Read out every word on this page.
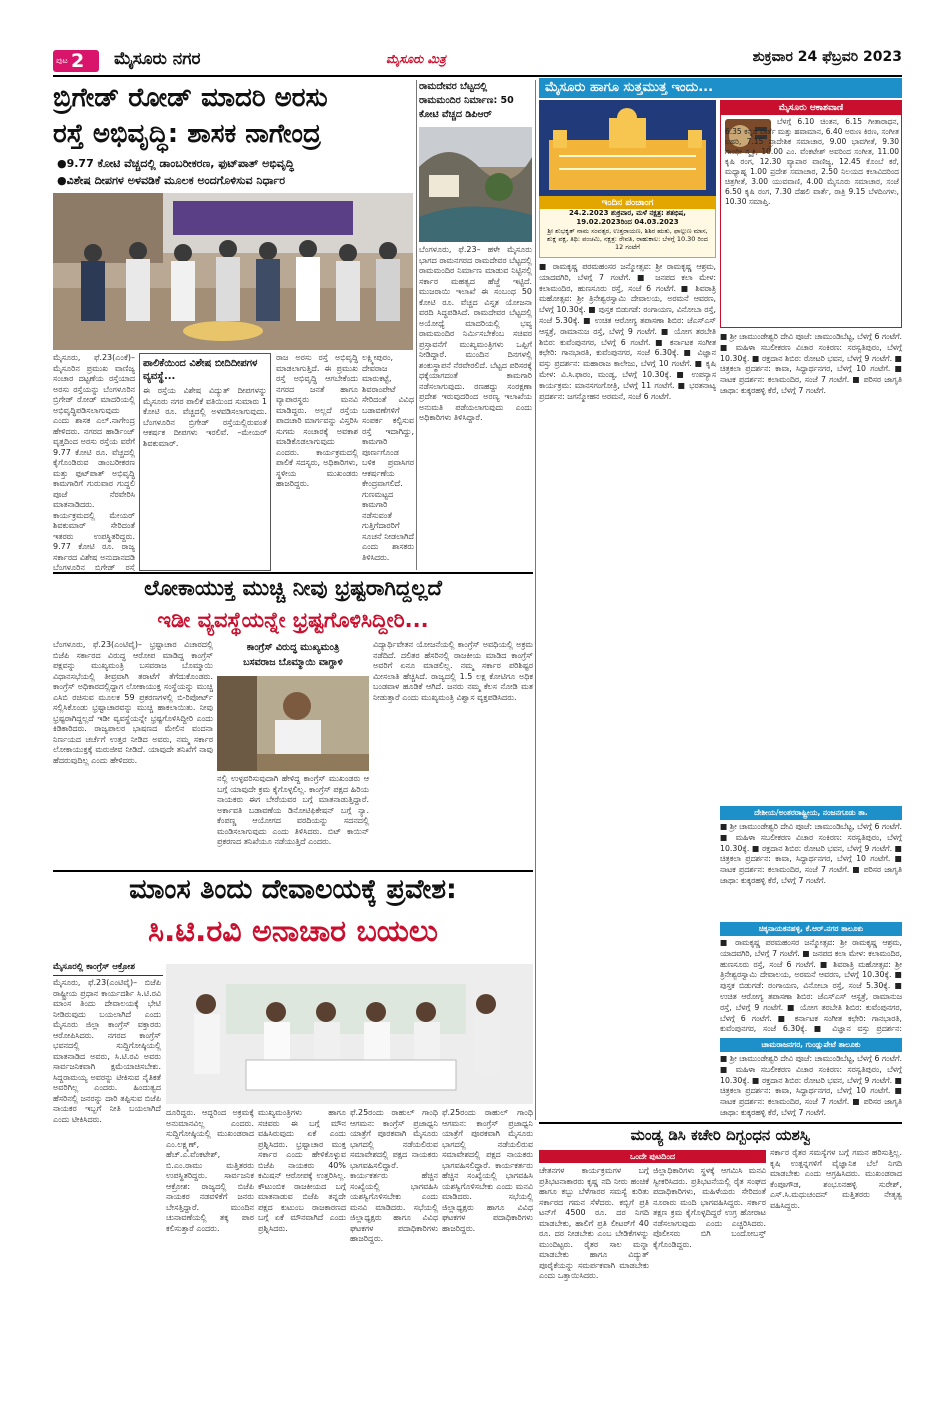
ಪುಟ 2 ಮೈಸೂರು ನಗರ	ಮೈಸೂರು ಮಿತ್ರ	ಶುಕ್ರವಾರ 24 ಫೆಬ್ರವರಿ 2023
ಬ್ರಿಗೇಡ್ ರೋಡ್ ಮಾದರಿ ಅರಸು
ರಸ್ತೆ ಅಭಿವೃದ್ಧಿ: ಶಾಸಕ ನಾಗೇಂದ್ರ
●9.77 ಕೋಟಿ ವೆಚ್ಚದಲ್ಲಿ ಡಾಂಬರೀಕರಣ, ಫುಟ್‌ಪಾತ್ ಅಭಿವೃದ್ಧಿ
●ವಿಶೇಷ ದೀಪಗಳ ಅಳವಡಿಕೆ ಮೂಲಕ ಅಂದಗೊಳಿಸುವ ನಿರ್ಧಾರ
ಮೈಸೂರು, ಫೆ.23(ಎಂಕೆ)– ಮೈಸೂರಿನ ಪ್ರಮುಖ ವಾಣಿಜ್ಯ ಸಂಚಾರ ದಟ್ಟಣೆಯ ರಸ್ತೆಯಾದ ಅರಸು ರಸ್ತೆಯನ್ನು ಬೆಂಗಳೂರಿನ ಬ್ರಿಗೇಡ್ ರೋಡ್ ಮಾದರಿಯಲ್ಲಿ ಅಭಿವೃದ್ಧಿಪಡಿಸಲಾಗುವುದು ಎಂದು ಶಾಸಕ ಎಲ್.ನಾಗೇಂದ್ರ ಹೇಳಿದರು. ನಗರದ ಹಾರ್ಡಿಂಜ್ ವೃತ್ತದಿಂದ ಅರಸು ರಸ್ತೆಯ ವರೆಗೆ 9.77 ಕೋಟಿ ರೂ. ವೆಚ್ಚದಲ್ಲಿ ಕೈಗೊಂಡಿರುವ ಡಾಂಬರೀಕರಣ ಮತ್ತು ಫುಟ್‌ಪಾತ್ ಅಭಿವೃದ್ಧಿ ಕಾಮಗಾರಿಗೆ ಗುರುವಾರ ಗುದ್ದಲಿ ಪೂಜೆ ನೆರವೇರಿಸಿ ಮಾತನಾಡಿದರು. ಕಾರ್ಯಕ್ರಮದಲ್ಲಿ ಮೇಯರ್ ಶಿವಕುಮಾರ್ ಸೇರಿದಂತೆ ಇತರರು ಉಪಸ್ಥಿತರಿದ್ದರು. 9.77 ಕೋಟಿ ರೂ. ರಾಜ್ಯ ಸರ್ಕಾರದ ವಿಶೇಷ ಅನುದಾನದಡಿ ಬೆಂಗಳೂರಿನ ಬ್ರಿಗೇಡ್ ರಸ್ತೆ
ಪಾಲಿಕೆಯಿಂದ ವಿಶೇಷ ಬೀದಿದೀಪಗಳ ವ್ಯವಸ್ಥೆ...
ಈ ರಸ್ತೆಯ ವಿಶೇಷ ವಿದ್ಯುತ್ ದೀಪಗಳನ್ನು ಮೈಸೂರು ನಗರ ಪಾಲಿಕೆ ವತಿಯಿಂದ ಸುಮಾರು 1 ಕೋಟಿ ರೂ. ವೆಚ್ಚದಲ್ಲಿ ಅಳವಡಿಸಲಾಗುವುದು. ಬೆಂಗಳೂರಿನ ಬ್ರಿಗೇಡ್ ರಸ್ತೆಯಲ್ಲಿರುವಂತೆ ಆಕರ್ಷಕ ದೀಪಗಳು ಇರಲಿವೆ. –ಮೇಯರ್ ಶಿವಕುಮಾರ್.
ರಾಜ ಅರಸು ರಸ್ತೆ ಅಭಿವೃದ್ಧಿ ಮಾಡಲಾಗುತ್ತಿದೆ. ಈ ಪ್ರಮುಖ ರಸ್ತೆ ಅಭಿವೃದ್ಧಿ ಆಗಬೇಕೆಂದು ನಗರದ ಜನತೆ ಹಾಗೂ ವ್ಯಾಪಾರಸ್ಥರು ಮನವಿ ಮಾಡಿದ್ದರು. ಅಲ್ಲದೆ ರಸ್ತೆಯ ಪಾದಚಾರಿ ಮಾರ್ಗವನ್ನು ವಿಸ್ತರಿಸಿ ಸುಗಮ ಸಂಚಾರಕ್ಕೆ ಅವಕಾಶ ಮಾಡಿಕೊಡಲಾಗುವುದು ಎಂದರು. ಕಾರ್ಯಕ್ರಮದಲ್ಲಿ ಪಾಲಿಕೆ ಸದಸ್ಯರು, ಅಧಿಕಾರಿಗಳು, ಸ್ಥಳೀಯ ಮುಖಂಡರು ಹಾಜರಿದ್ದರು.
ಲಕ್ಷ್ಮೀಪುರಂ, ದೇವರಾಜ ಮಾರುಕಟ್ಟೆ, ಶಿವರಾಂಪೇಟೆ ಸೇರಿದಂತೆ ವಿವಿಧ ಬಡಾವಣೆಗಳಿಗೆ ಸಂಪರ್ಕ ಕಲ್ಪಿಸುವ ರಸ್ತೆ ಇದಾಗಿದ್ದು, ಕಾಮಗಾರಿ ಪೂರ್ಣಗೊಂಡ ಬಳಿಕ ಪ್ರವಾಸಿಗರ ಆಕರ್ಷಣೆಯ ಕೇಂದ್ರವಾಗಲಿದೆ. ಗುಣಮಟ್ಟದ ಕಾಮಗಾರಿ ನಡೆಸುವಂತೆ ಗುತ್ತಿಗೆದಾರರಿಗೆ ಸೂಚನೆ ನೀಡಲಾಗಿದೆ ಎಂದು ಶಾಸಕರು ತಿಳಿಸಿದರು.
ರಾಮದೇವರ ಬೆಟ್ಟದಲ್ಲಿ ರಾಮಮಂದಿರ ನಿರ್ಮಾಣ: 50 ಕೋಟಿ ವೆಚ್ಚದ ಡಿಪಿಆರ್
ಬೆಂಗಳೂರು, ಫೆ.23– ಹಳೇ ಮೈಸೂರು ಭಾಗದ ರಾಮನಗರದ ರಾಮದೇವರ ಬೆಟ್ಟದಲ್ಲಿ ರಾಮಮಂದಿರ ನಿರ್ಮಾಣ ಮಾಡುವ ನಿಟ್ಟಿನಲ್ಲಿ ಸರ್ಕಾರ ಮಹತ್ವದ ಹೆಜ್ಜೆ ಇಟ್ಟಿದೆ. ಮುಜರಾಯಿ ಇಲಾಖೆ ಈ ಸಂಬಂಧ 50 ಕೋಟಿ ರೂ. ವೆಚ್ಚದ ವಿಸ್ತೃತ ಯೋಜನಾ ವರದಿ ಸಿದ್ಧಪಡಿಸಿದೆ. ರಾಮದೇವರ ಬೆಟ್ಟದಲ್ಲಿ ಅಯೋಧ್ಯೆ ಮಾದರಿಯಲ್ಲಿ ಭವ್ಯ ರಾಮಮಂದಿರ ನಿರ್ಮಿಸಬೇಕೆಂಬ ಸಚಿವರ ಪ್ರಸ್ತಾವನೆಗೆ ಮುಖ್ಯಮಂತ್ರಿಗಳು ಒಪ್ಪಿಗೆ ನೀಡಿದ್ದಾರೆ. ಮುಂದಿನ ದಿನಗಳಲ್ಲಿ ಶಂಕುಸ್ಥಾಪನೆ ನೆರವೇರಲಿದೆ. ಬೆಟ್ಟದ ಪರಿಸರಕ್ಕೆ ಧಕ್ಕೆಯಾಗದಂತೆ ಕಾಮಗಾರಿ ನಡೆಸಲಾಗುವುದು. ರಣಹದ್ದು ಸಂರಕ್ಷಣಾ ಪ್ರದೇಶ ಇರುವುದರಿಂದ ಅರಣ್ಯ ಇಲಾಖೆಯ ಅನುಮತಿ ಪಡೆಯಲಾಗುವುದು ಎಂದು ಅಧಿಕಾರಿಗಳು ತಿಳಿಸಿದ್ದಾರೆ.
ಲೋಕಾಯುಕ್ತ ಮುಚ್ಚಿ ನೀವು ಭ್ರಷ್ಟರಾಗಿದ್ದಲ್ಲದೆ
ಇಡೀ ವ್ಯವಸ್ಥೆಯನ್ನೇ ಭ್ರಷ್ಟಗೊಳಿಸಿದ್ದೀರಿ...
ಬೆಂಗಳೂರು, ಫೆ.23(ಎಂಟಿವೈ)– ಭ್ರಷ್ಟಾಚಾರ ವಿಚಾರದಲ್ಲಿ ಬಿಜೆಪಿ ಸರ್ಕಾರದ ವಿರುದ್ಧ ಆರೋಪ ಮಾಡಿದ್ದ ಕಾಂಗ್ರೆಸ್ ಪಕ್ಷವನ್ನು ಮುಖ್ಯಮಂತ್ರಿ ಬಸವರಾಜ ಬೊಮ್ಮಾಯಿ ವಿಧಾನಸಭೆಯಲ್ಲಿ ತೀವ್ರವಾಗಿ ತರಾಟೆಗೆ ತೆಗೆದುಕೊಂಡರು. ಕಾಂಗ್ರೆಸ್ ಅಧಿಕಾರದಲ್ಲಿದ್ದಾಗ ಲೋಕಾಯುಕ್ತ ಸಂಸ್ಥೆಯನ್ನು ಮುಚ್ಚಿ ಎಸಿಬಿ ರಚಿಸುವ ಮೂಲಕ 59 ಪ್ರಕರಣಗಳಲ್ಲಿ ಬಿ-ರಿಪೋರ್ಟ್ ಸಲ್ಲಿಸಿಕೊಂಡು ಭ್ರಷ್ಟಾಚಾರವನ್ನು ಮುಚ್ಚಿ ಹಾಕಲಾಯಿತು. ನೀವು ಭ್ರಷ್ಟರಾಗಿದ್ದಲ್ಲದೆ ಇಡೀ ವ್ಯವಸ್ಥೆಯನ್ನೇ ಭ್ರಷ್ಟಗೊಳಿಸಿದ್ದೀರಿ ಎಂದು ಕಿಡಿಕಾರಿದರು. ರಾಜ್ಯಪಾಲರ ಭಾಷಣದ ಮೇಲಿನ ವಂದನಾ ನಿರ್ಣಯದ ಚರ್ಚೆಗೆ ಉತ್ತರ ನೀಡಿದ ಅವರು, ನಮ್ಮ ಸರ್ಕಾರ ಲೋಕಾಯುಕ್ತಕ್ಕೆ ಮರುಜೀವ ನೀಡಿದೆ. ಯಾವುದೇ ತನಿಖೆಗೆ ನಾವು ಹೆದರುವುದಿಲ್ಲ ಎಂದು ಹೇಳಿದರು.
ಕಾಂಗ್ರೆಸ್ ವಿರುದ್ಧ ಮುಖ್ಯಮಂತ್ರಿ
ಬಸವರಾಜ ಬೊಮ್ಮಾಯಿ ವಾಗ್ದಾಳಿ
ನಲ್ಲಿ ಉಳ್ಳವರಿಸುವುದಾಗಿ ಹೇಳಿದ್ದ ಕಾಂಗ್ರೆಸ್ ಮುಖಂಡರು ಆ ಬಗ್ಗೆ ಯಾವುದೇ ಕ್ರಮ ಕೈಗೊಳ್ಳಲಿಲ್ಲ. ಕಾಂಗ್ರೆಸ್ ಪಕ್ಷದ ಹಿರಿಯ ನಾಯಕರು ಈಗ ಬೇರೆಯವರ ಬಗ್ಗೆ ಮಾತನಾಡುತ್ತಿದ್ದಾರೆ. ಅರ್ಕಾವತಿ ಬಡಾವಣೆಯ ಡಿನೋಟಿಫಿಕೇಷನ್ ಬಗ್ಗೆ ನ್ಯಾ. ಕೆಂಪಣ್ಣ ಆಯೋಗದ ವರದಿಯನ್ನು ಸದನದಲ್ಲಿ ಮಂಡಿಸಲಾಗುವುದು ಎಂದು ತಿಳಿಸಿದರು. ಬಿಟ್ ಕಾಯಿನ್ ಪ್ರಕರಣದ ತನಿಖೆಯೂ ನಡೆಯುತ್ತಿದೆ ಎಂದರು.
ವಿದ್ಯಾರ್ಥಿವೇತನ ಯೋಜನೆಯಲ್ಲಿ ಕಾಂಗ್ರೆಸ್ ಅವಧಿಯಲ್ಲಿ ಅಕ್ರಮ ನಡೆದಿದೆ. ದಲಿತರ ಹೆಸರಿನಲ್ಲಿ ರಾಜಕೀಯ ಮಾಡಿದ ಕಾಂಗ್ರೆಸ್ ಅವರಿಗೆ ಏನೂ ಮಾಡಲಿಲ್ಲ. ನಮ್ಮ ಸರ್ಕಾರ ಪರಿಶಿಷ್ಟರ ಮೀಸಲಾತಿ ಹೆಚ್ಚಿಸಿದೆ. ರಾಜ್ಯದಲ್ಲಿ 1.5 ಲಕ್ಷ ಕೋಟಿಗೂ ಅಧಿಕ ಬಂಡವಾಳ ಹೂಡಿಕೆ ಆಗಿದೆ. ಜನರು ನಮ್ಮ ಕೆಲಸ ನೋಡಿ ಮತ ನೀಡುತ್ತಾರೆ ಎಂದು ಮುಖ್ಯಮಂತ್ರಿ ವಿಶ್ವಾಸ ವ್ಯಕ್ತಪಡಿಸಿದರು.
ಮಾಂಸ ತಿಂದು ದೇವಾಲಯಕ್ಕೆ ಪ್ರವೇಶ:
ಸಿ.ಟಿ.ರವಿ ಅನಾಚಾರ ಬಯಲು
ಮೈಸೂರಲ್ಲಿ ಕಾಂಗ್ರೆಸ್ ಆಕ್ರೋಶ
ಮೈಸೂರು, ಫೆ.23(ಎಂಟಿವೈ)– ಬಿಜೆಪಿ ರಾಷ್ಟ್ರೀಯ ಪ್ರಧಾನ ಕಾರ್ಯದರ್ಶಿ ಸಿ.ಟಿ.ರವಿ ಮಾಂಸ ತಿಂದು ದೇವಾಲಯಕ್ಕೆ ಭೇಟಿ ನೀಡಿರುವುದು ಬಯಲಾಗಿದೆ ಎಂದು ಮೈಸೂರು ಜಿಲ್ಲಾ ಕಾಂಗ್ರೆಸ್ ವಕ್ತಾರರು ಆರೋಪಿಸಿದರು. ನಗರದ ಕಾಂಗ್ರೆಸ್ ಭವನದಲ್ಲಿ ಸುದ್ದಿಗೋಷ್ಠಿಯಲ್ಲಿ ಮಾತನಾಡಿದ ಅವರು, ಸಿ.ಟಿ.ರವಿ ಅವರು ಸಾರ್ವಜನಿಕವಾಗಿ ಕ್ಷಮೆಯಾಚಿಸಬೇಕು. ಸಿದ್ದರಾಮಯ್ಯ ಅವರನ್ನು ಟೀಕಿಸುವ ನೈತಿಕತೆ ಅವರಿಗಿಲ್ಲ ಎಂದರು. ಹಿಂದುತ್ವದ ಹೆಸರಿನಲ್ಲಿ ಜನರನ್ನು ದಾರಿ ತಪ್ಪಿಸುವ ಬಿಜೆಪಿ ನಾಯಕರ ಇಬ್ಬಗೆ ನೀತಿ ಬಯಲಾಗಿದೆ ಎಂದು ಟೀಕಿಸಿದರು.
ದೂರಿದ್ದರು. ಆದ್ದರಿಂದ ಅಕ್ರಮಕ್ಕೆ ಅನುಮಾನವಿಲ್ಲ ಎಂದರು. ಸುದ್ದಿಗೋಷ್ಠಿಯಲ್ಲಿ ಮುಖಂಡರಾದ ಎಂ.ಲಕ್ಷ್ಮಣ್, ಹೆಚ್.ಎ.ವೆಂಕಟೇಶ್, ಬಿ.ಎಂ.ರಾಮು ಮತ್ತಿತರರು ಉಪಸ್ಥಿತರಿದ್ದರು. ಸಾರ್ವಜನಿಕ ಆಕ್ರೋಶ: ರಾಜ್ಯದಲ್ಲಿ ಬಿಜೆಪಿ ನಾಯಕರ ನಡವಳಿಕೆಗೆ ಜನರು ಬೇಸತ್ತಿದ್ದಾರೆ. ಮುಂದಿನ ಚುನಾವಣೆಯಲ್ಲಿ ತಕ್ಕ ಪಾಠ ಕಲಿಸುತ್ತಾರೆ ಎಂದರು.
ಮುಖ್ಯಮಂತ್ರಿಗಳು ಹಾಗೂ ಸಚಿವರು ಈ ಬಗ್ಗೆ ಮೌನ ವಹಿಸಿರುವುದು ಏಕೆ ಎಂದು ಪ್ರಶ್ನಿಸಿದರು. ಭ್ರಷ್ಟಾಚಾರ ಮುಕ್ತ ಸರ್ಕಾರ ಎಂದು ಹೇಳಿಕೊಳ್ಳುವ ಬಿಜೆಪಿ ನಾಯಕರು 40% ಕಮಿಷನ್ ಆರೋಪಕ್ಕೆ ಉತ್ತರಿಸಿಲ್ಲ. ಕೌಟುಂಬಿಕ ರಾಜಕೀಯದ ಬಗ್ಗೆ ಮಾತನಾಡುವ ಬಿಜೆಪಿ ತನ್ನದೇ ಪಕ್ಷದ ಕುಟುಂಬ ರಾಜಕಾರಣದ ಬಗ್ಗೆ ಏಕೆ ಮೌನವಾಗಿದೆ ಎಂದು ಪ್ರಶ್ನಿಸಿದರು.
ಫೆ.25ರಂದು ರಾಹುಲ್ ಗಾಂಧಿ ಆಗಮನ: ಕಾಂಗ್ರೆಸ್ ಪ್ರಜಾಧ್ವನಿ ಯಾತ್ರೆಗೆ ಪೂರಕವಾಗಿ ಮೈಸೂರು ಭಾಗದಲ್ಲಿ ನಡೆಯಲಿರುವ ಸಮಾವೇಶದಲ್ಲಿ ಪಕ್ಷದ ನಾಯಕರು ಭಾಗವಹಿಸಲಿದ್ದಾರೆ. ಕಾರ್ಯಕರ್ತರು ಹೆಚ್ಚಿನ ಸಂಖ್ಯೆಯಲ್ಲಿ ಭಾಗವಹಿಸಿ ಯಶಸ್ವಿಗೊಳಿಸಬೇಕು ಎಂದು ಮನವಿ ಮಾಡಿದರು. ಸಭೆಯಲ್ಲಿ ಜಿಲ್ಲಾಧ್ಯಕ್ಷರು ಹಾಗೂ ವಿವಿಧ ಘಟಕಗಳ ಪದಾಧಿಕಾರಿಗಳು ಹಾಜರಿದ್ದರು.
ಫೆ.25ರಂದು ರಾಹುಲ್ ಗಾಂಧಿ ಆಗಮನ: ಕಾಂಗ್ರೆಸ್ ಪ್ರಜಾಧ್ವನಿ ಯಾತ್ರೆಗೆ ಪೂರಕವಾಗಿ ಮೈಸೂರು ಭಾಗದಲ್ಲಿ ನಡೆಯಲಿರುವ ಸಮಾವೇಶದಲ್ಲಿ ಪಕ್ಷದ ನಾಯಕರು ಭಾಗವಹಿಸಲಿದ್ದಾರೆ. ಕಾರ್ಯಕರ್ತರು ಹೆಚ್ಚಿನ ಸಂಖ್ಯೆಯಲ್ಲಿ ಭಾಗವಹಿಸಿ ಯಶಸ್ವಿಗೊಳಿಸಬೇಕು ಎಂದು ಮನವಿ ಮಾಡಿದರು. ಸಭೆಯಲ್ಲಿ ಜಿಲ್ಲಾಧ್ಯಕ್ಷರು ಹಾಗೂ ವಿವಿಧ ಘಟಕಗಳ ಪದಾಧಿಕಾರಿಗಳು ಹಾಜರಿದ್ದರು.
ಮೈಸೂರು ಹಾಗೂ ಸುತ್ತಮುತ್ತ ಇಂದು...
ಇಂದಿನ ಪಂಚಾಂಗ
24.2.2023 ಶುಕ್ರವಾರ, ಮಳೆ ನಕ್ಷತ್ರ: ಶತಭಿಷ,
19.02.2023ರಿಂದ 04.03.2023
ಶ್ರೀ ಶುಭಕೃತ್ ನಾಮ ಸಂವತ್ಸರ, ಉತ್ತರಾಯಣ, ಶಿಶಿರ ಋತು, ಫಾಲ್ಗುಣ ಮಾಸ, ಶುಕ್ಲ ಪಕ್ಷ, ತಿಥಿ: ಪಂಚಮಿ, ನಕ್ಷತ್ರ: ರೇವತಿ, ರಾಹುಕಾಲ: ಬೆಳಗ್ಗೆ 10.30 ರಿಂದ 12 ಗಂಟೆಗೆ
ಮೈಸೂರು ಆಕಾಶವಾಣಿ
ಬೆಳಗ್ಗೆ 6.10 ಚಿಂತನ, 6.15 ಗೀತಾರಾಧನ, 6.35 ಕನ್ನಡ ವಾರ್ತೆ ಮತ್ತು ಹವಾಮಾನ, 6.40 ಅರುಣ ಕಿರಣ, ಸಂಗೀತ ಲಹರಿ, 7.15 ಪ್ರಾದೇಶಿಕ ಸಮಾಚಾರ, 9.00 ಭಾವಗೀತೆ, 9.30 ಗಾಂಧೀ ಸ್ಮೃತಿ, 10.00 ಎಂ. ವೆಂಕಟೇಶ್ ಅವರಿಂದ ಸಂಗೀತ, 11.00 ಕೃಷಿ ರಂಗ, 12.30 ವ್ಯಾಪಾರ ವಾಣಿಜ್ಯ, 12.45 ಕೊಂಬೆ ಕರೆ, ಮಧ್ಯಾಹ್ನ 1.00 ಪ್ರದೇಶ ಸಮಾಚಾರ, 2.50 ನಿಲಯದ ಕಲಾವಿದರಿಂದ ಚಿತ್ರಗೀತೆ, 3.00 ಯುವವಾಣಿ, 4.00 ಮೈಸೂರು ಸಮಾಚಾರ, ಸಂಜೆ 6.50 ಕೃಷಿ ರಂಗ, 7.30 ದೆಹಲಿ ವಾರ್ತೆ, ರಾತ್ರಿ 9.15 ಬೆಳದಿಂಗಳು, 10.30 ಸಮಾಪ್ತಿ.
■ ರಾಮಕೃಷ್ಣ ಪರಮಹಂಸರ ಜನ್ಮೋತ್ಸವ: ಶ್ರೀ ರಾಮಕೃಷ್ಣ ಆಶ್ರಮ, ಯಾದವಗಿರಿ, ಬೆಳಗ್ಗೆ 7 ಗಂಟೆಗೆ. ■ ಜನಪದ ಕಲಾ ಮೇಳ: ಕಲಾಮಂದಿರ, ಹುಣಸೂರು ರಸ್ತೆ, ಸಂಜೆ 6 ಗಂಟೆಗೆ. ■ ಶಿವರಾತ್ರಿ ಮಹೋತ್ಸವ: ಶ್ರೀ ತ್ರಿನೇಶ್ವರಸ್ವಾಮಿ ದೇವಾಲಯ, ಅರಮನೆ ಆವರಣ, ಬೆಳಗ್ಗೆ 10.30ಕ್ಕೆ. ■ ಪುಸ್ತಕ ಬಿಡುಗಡೆ: ರಂಗಾಯಣ, ವಿನೋಬಾ ರಸ್ತೆ, ಸಂಜೆ 5.30ಕ್ಕೆ. ■ ಉಚಿತ ಆರೋಗ್ಯ ತಪಾಸಣಾ ಶಿಬಿರ: ಜೆಎಸ್ಎಸ್ ಆಸ್ಪತ್ರೆ, ರಾಮಾನುಜ ರಸ್ತೆ, ಬೆಳಗ್ಗೆ 9 ಗಂಟೆಗೆ. ■ ಯೋಗ ತರಬೇತಿ ಶಿಬಿರ: ಕುವೆಂಪುನಗರ, ಬೆಳಗ್ಗೆ 6 ಗಂಟೆಗೆ. ■ ಕರ್ನಾಟಕ ಸಂಗೀತ ಕಛೇರಿ: ಗಾನಭಾರತಿ, ಕುವೆಂಪುನಗರ, ಸಂಜೆ 6.30ಕ್ಕೆ. ■ ವಿಜ್ಞಾನ ವಸ್ತು ಪ್ರದರ್ಶನ: ಮಹಾರಾಜ ಕಾಲೇಜು, ಬೆಳಗ್ಗೆ 10 ಗಂಟೆಗೆ. ■ ಕೃಷಿ ಮೇಳ: ವಿ.ಸಿ.ಫಾರಂ, ಮಂಡ್ಯ, ಬೆಳಗ್ಗೆ 10.30ಕ್ಕೆ. ■ ಉಪನ್ಯಾಸ ಕಾರ್ಯಕ್ರಮ: ಮಾನಸಗಂಗೋತ್ರಿ, ಬೆಳಗ್ಗೆ 11 ಗಂಟೆಗೆ. ■ ಭರತನಾಟ್ಯ ಪ್ರದರ್ಶನ: ಜಗನ್ಮೋಹನ ಅರಮನೆ, ಸಂಜೆ 6 ಗಂಟೆಗೆ.
■ ಶ್ರೀ ಚಾಮುಂಡೇಶ್ವರಿ ದೇವಿ ಪೂಜೆ: ಚಾಮುಂಡಿಬೆಟ್ಟ, ಬೆಳಗ್ಗೆ 6 ಗಂಟೆಗೆ. ■ ಮಹಿಳಾ ಸಬಲೀಕರಣ ವಿಚಾರ ಸಂಕಿರಣ: ಸರಸ್ವತಿಪುರಂ, ಬೆಳಗ್ಗೆ 10.30ಕ್ಕೆ. ■ ರಕ್ತದಾನ ಶಿಬಿರ: ರೋಟರಿ ಭವನ, ಬೆಳಗ್ಗೆ 9 ಗಂಟೆಗೆ. ■ ಚಿತ್ರಕಲಾ ಪ್ರದರ್ಶನ: ಕಾವಾ, ಸಿದ್ಧಾರ್ಥನಗರ, ಬೆಳಗ್ಗೆ 10 ಗಂಟೆಗೆ. ■ ನಾಟಕ ಪ್ರದರ್ಶನ: ಕಲಾಮಂದಿರ, ಸಂಜೆ 7 ಗಂಟೆಗೆ. ■ ಪರಿಸರ ಜಾಗೃತಿ ಜಾಥಾ: ಕುಕ್ಕರಹಳ್ಳಿ ಕೆರೆ, ಬೆಳಗ್ಗೆ 7 ಗಂಟೆಗೆ.
ದೇಶೀಯ/ಅಂತರರಾಷ್ಟ್ರೀಯ, ನಂಜನಗೂಡು ತಾ.
■ ಶ್ರೀ ಚಾಮುಂಡೇಶ್ವರಿ ದೇವಿ ಪೂಜೆ: ಚಾಮುಂಡಿಬೆಟ್ಟ, ಬೆಳಗ್ಗೆ 6 ಗಂಟೆಗೆ. ■ ಮಹಿಳಾ ಸಬಲೀಕರಣ ವಿಚಾರ ಸಂಕಿರಣ: ಸರಸ್ವತಿಪುರಂ, ಬೆಳಗ್ಗೆ 10.30ಕ್ಕೆ. ■ ರಕ್ತದಾನ ಶಿಬಿರ: ರೋಟರಿ ಭವನ, ಬೆಳಗ್ಗೆ 9 ಗಂಟೆಗೆ. ■ ಚಿತ್ರಕಲಾ ಪ್ರದರ್ಶನ: ಕಾವಾ, ಸಿದ್ಧಾರ್ಥನಗರ, ಬೆಳಗ್ಗೆ 10 ಗಂಟೆಗೆ. ■ ನಾಟಕ ಪ್ರದರ್ಶನ: ಕಲಾಮಂದಿರ, ಸಂಜೆ 7 ಗಂಟೆಗೆ. ■ ಪರಿಸರ ಜಾಗೃತಿ ಜಾಥಾ: ಕುಕ್ಕರಹಳ್ಳಿ ಕೆರೆ, ಬೆಳಗ್ಗೆ 7 ಗಂಟೆಗೆ.
ಚಿಕ್ಕನಾಯಕನಹಳ್ಳಿ, ಕೆ.ಆರ್.ನಗರ ತಾಲೂಕು
■ ರಾಮಕೃಷ್ಣ ಪರಮಹಂಸರ ಜನ್ಮೋತ್ಸವ: ಶ್ರೀ ರಾಮಕೃಷ್ಣ ಆಶ್ರಮ, ಯಾದವಗಿರಿ, ಬೆಳಗ್ಗೆ 7 ಗಂಟೆಗೆ. ■ ಜನಪದ ಕಲಾ ಮೇಳ: ಕಲಾಮಂದಿರ, ಹುಣಸೂರು ರಸ್ತೆ, ಸಂಜೆ 6 ಗಂಟೆಗೆ. ■ ಶಿವರಾತ್ರಿ ಮಹೋತ್ಸವ: ಶ್ರೀ ತ್ರಿನೇಶ್ವರಸ್ವಾಮಿ ದೇವಾಲಯ, ಅರಮನೆ ಆವರಣ, ಬೆಳಗ್ಗೆ 10.30ಕ್ಕೆ. ■ ಪುಸ್ತಕ ಬಿಡುಗಡೆ: ರಂಗಾಯಣ, ವಿನೋಬಾ ರಸ್ತೆ, ಸಂಜೆ 5.30ಕ್ಕೆ. ■ ಉಚಿತ ಆರೋಗ್ಯ ತಪಾಸಣಾ ಶಿಬಿರ: ಜೆಎಸ್ಎಸ್ ಆಸ್ಪತ್ರೆ, ರಾಮಾನುಜ ರಸ್ತೆ, ಬೆಳಗ್ಗೆ 9 ಗಂಟೆಗೆ. ■ ಯೋಗ ತರಬೇತಿ ಶಿಬಿರ: ಕುವೆಂಪುನಗರ, ಬೆಳಗ್ಗೆ 6 ಗಂಟೆಗೆ. ■ ಕರ್ನಾಟಕ ಸಂಗೀತ ಕಛೇರಿ: ಗಾನಭಾರತಿ, ಕುವೆಂಪುನಗರ, ಸಂಜೆ 6.30ಕ್ಕೆ. ■ ವಿಜ್ಞಾನ ವಸ್ತು ಪ್ರದರ್ಶನ:
ಚಾಮರಾಜನಗರ, ಗುಂಡ್ಲುಪೇಟೆ ತಾಲೂಕು
■ ಶ್ರೀ ಚಾಮುಂಡೇಶ್ವರಿ ದೇವಿ ಪೂಜೆ: ಚಾಮುಂಡಿಬೆಟ್ಟ, ಬೆಳಗ್ಗೆ 6 ಗಂಟೆಗೆ. ■ ಮಹಿಳಾ ಸಬಲೀಕರಣ ವಿಚಾರ ಸಂಕಿರಣ: ಸರಸ್ವತಿಪುರಂ, ಬೆಳಗ್ಗೆ 10.30ಕ್ಕೆ. ■ ರಕ್ತದಾನ ಶಿಬಿರ: ರೋಟರಿ ಭವನ, ಬೆಳಗ್ಗೆ 9 ಗಂಟೆಗೆ. ■ ಚಿತ್ರಕಲಾ ಪ್ರದರ್ಶನ: ಕಾವಾ, ಸಿದ್ಧಾರ್ಥನಗರ, ಬೆಳಗ್ಗೆ 10 ಗಂಟೆಗೆ. ■ ನಾಟಕ ಪ್ರದರ್ಶನ: ಕಲಾಮಂದಿರ, ಸಂಜೆ 7 ಗಂಟೆಗೆ. ■ ಪರಿಸರ ಜಾಗೃತಿ ಜಾಥಾ: ಕುಕ್ಕರಹಳ್ಳಿ ಕೆರೆ, ಬೆಳಗ್ಗೆ 7 ಗಂಟೆಗೆ.
ಮಂಡ್ಯ ಡಿಸಿ ಕಚೇರಿ ದಿಗ್ಬಂಧನ ಯಶಸ್ವಿ
ಒಂದೇ ಪುಟದಿಂದ
ಚೇತನಗಳ ಕಾರ್ಯಕ್ರಮಗಳ ಬಗ್ಗೆ ಪ್ರತಿಭಟನಾಕಾರರು ಕೃಷ್ಣ ನದಿ ನೀರು ಹಂಚಿಕೆ ಹಾಗೂ ಕಬ್ಬು ಬೆಳೆಗಾರರ ಸಮಸ್ಯೆ ಕುರಿತು ಸರ್ಕಾರದ ಗಮನ ಸೆಳೆದರು. ಕಬ್ಬಿಗೆ ಪ್ರತಿ ಟನ್‌ಗೆ 4500 ರೂ. ದರ ನಿಗದಿ ಮಾಡಬೇಕು, ಹಾಲಿಗೆ ಪ್ರತಿ ಲೀಟರ್‌ಗೆ 40 ರೂ. ದರ ನೀಡಬೇಕು ಎಂಬ ಬೇಡಿಕೆಗಳನ್ನು ಮುಂದಿಟ್ಟರು. ರೈತರ ಸಾಲ ಮನ್ನಾ ಮಾಡಬೇಕು ಹಾಗೂ ವಿದ್ಯುತ್ ಪೂರೈಕೆಯನ್ನು ಸಮರ್ಪಕವಾಗಿ ಮಾಡಬೇಕು ಎಂದು ಒತ್ತಾಯಿಸಿದರು.
ಜಿಲ್ಲಾಧಿಕಾರಿಗಳು ಸ್ಥಳಕ್ಕೆ ಆಗಮಿಸಿ ಮನವಿ ಸ್ವೀಕರಿಸಿದರು. ಪ್ರತಿಭಟನೆಯಲ್ಲಿ ರೈತ ಸಂಘದ ಪದಾಧಿಕಾರಿಗಳು, ಮಹಿಳೆಯರು ಸೇರಿದಂತೆ ನೂರಾರು ಮಂದಿ ಭಾಗವಹಿಸಿದ್ದರು. ಸರ್ಕಾರ ತಕ್ಷಣ ಕ್ರಮ ಕೈಗೊಳ್ಳದಿದ್ದರೆ ಉಗ್ರ ಹೋರಾಟ ನಡೆಸಲಾಗುವುದು ಎಂದು ಎಚ್ಚರಿಸಿದರು. ಪೊಲೀಸರು ಬಿಗಿ ಬಂದೋಬಸ್ತ್ ಕೈಗೊಂಡಿದ್ದರು.
ಸರ್ಕಾರ ರೈತರ ಸಮಸ್ಯೆಗಳ ಬಗ್ಗೆ ಗಮನ ಹರಿಸುತ್ತಿಲ್ಲ. ಕೃಷಿ ಉತ್ಪನ್ನಗಳಿಗೆ ವೈಜ್ಞಾನಿಕ ಬೆಲೆ ನಿಗದಿ ಮಾಡಬೇಕು ಎಂದು ಆಗ್ರಹಿಸಿದರು. ಮುಖಂಡರಾದ ಕೆಂಪೂಗೌಡ, ಶಂಭೂನಹಳ್ಳಿ ಸುರೇಶ್, ಎಸ್.ಸಿ.ಮಧುಚಂದನ್ ಮತ್ತಿತರರು ನೇತೃತ್ವ ವಹಿಸಿದ್ದರು.
